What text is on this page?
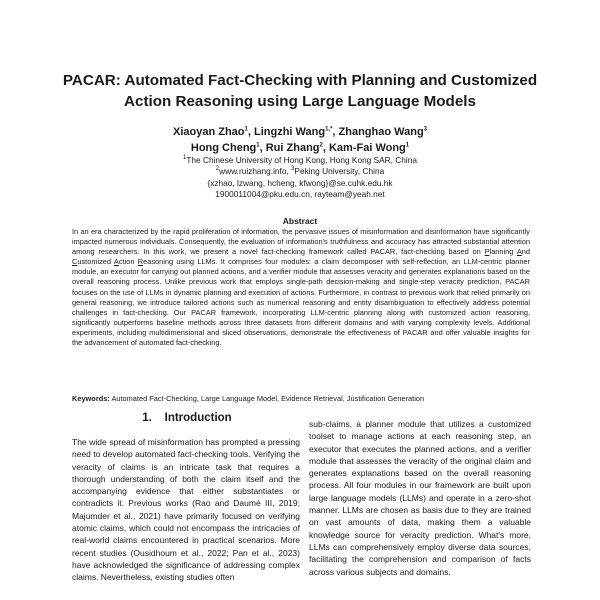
PACAR: Automated Fact-Checking with Planning and Customized Action Reasoning using Large Language Models
Xiaoyan Zhao$^1$, Lingzhi Wang$^{1,*}$, Zhanghao Wang$^3$
Hong Cheng$^1$, Rui Zhang$^2$, Kam-Fai Wong$^1$
$^1$The Chinese University of Hong Kong, Hong Kong SAR, China
$^2$www.ruizhang.info, $^3$Peking University, China
{xzhao, lzwang, hcheng, kfwong}@se.cuhk.edu.hk
1900011004@pku.edu.cn, rayteam@yeah.net
Abstract
In an era characterized by the rapid proliferation of information, the pervasive issues of misinformation and disinformation have significantly impacted numerous individuals. Consequently, the evaluation of information's truthfulness and accuracy has attracted substantial attention among researchers. In this work, we present a novel fact-checking framework called PACAR, fact-checking based on Planning And Customized Action Reasoning using LLMs. It comprises four modules: a claim decomposer with self-reflection, an LLM-centric planner module, an executor for carrying out planned actions, and a verifier module that assesses veracity and generates explanations based on the overall reasoning process. Unlike previous work that employs single-path decision-making and single-step veracity prediction, PACAR focuses on the use of LLMs in dynamic planning and execution of actions. Furthermore, in contrast to previous work that relied primarily on general reasoning, we introduce tailored actions such as numerical reasoning and entity disambiguation to effectively address potential challenges in fact-checking. Our PACAR framework, incorporating LLM-centric planning along with customized action reasoning, significantly outperforms baseline methods across three datasets from different domains and with varying complexity levels. Additional experiments, including multidimensional and sliced observations, demonstrate the effectiveness of PACAR and offer valuable insights for the advancement of automated fact-checking.
Keywords: Automated Fact-Checking, Large Language Model, Evidence Retrieval, Justification Generation
1.    Introduction
The wide spread of misinformation has prompted a pressing need to develop automated fact-checking tools. Verifying the veracity of claims is an intricate task that requires a thorough understanding of both the claim itself and the accompanying evidence that either substantiates or contradicts it. Previous works (Rao and Daumé III, 2019; Majumder et al., 2021) have primarily focused on verifying atomic claims, which could not encompass the intricacies of real-world claims encountered in practical scenarios. More recent studies (Ousidhoum et al., 2022; Pan et al., 2023) have acknowledged the significance of addressing complex claims. Nevertheless, existing studies often
sub-claims, a planner module that utilizes a customized toolset to manage actions at each reasoning step, an executor that executes the planned actions, and a verifier module that assesses the veracity of the original claim and generates explanations based on the overall reasoning process. All four modules in our framework are built upon large language models (LLMs) and operate in a zero-shot manner. LLMs are chosen as basis due to they are trained on vast amounts of data, making them a valuable knowledge source for veracity prediction. What's more, LLMs can comprehensively employ diverse data sources, facilitating the comprehension and comparison of facts across various subjects and domains.
